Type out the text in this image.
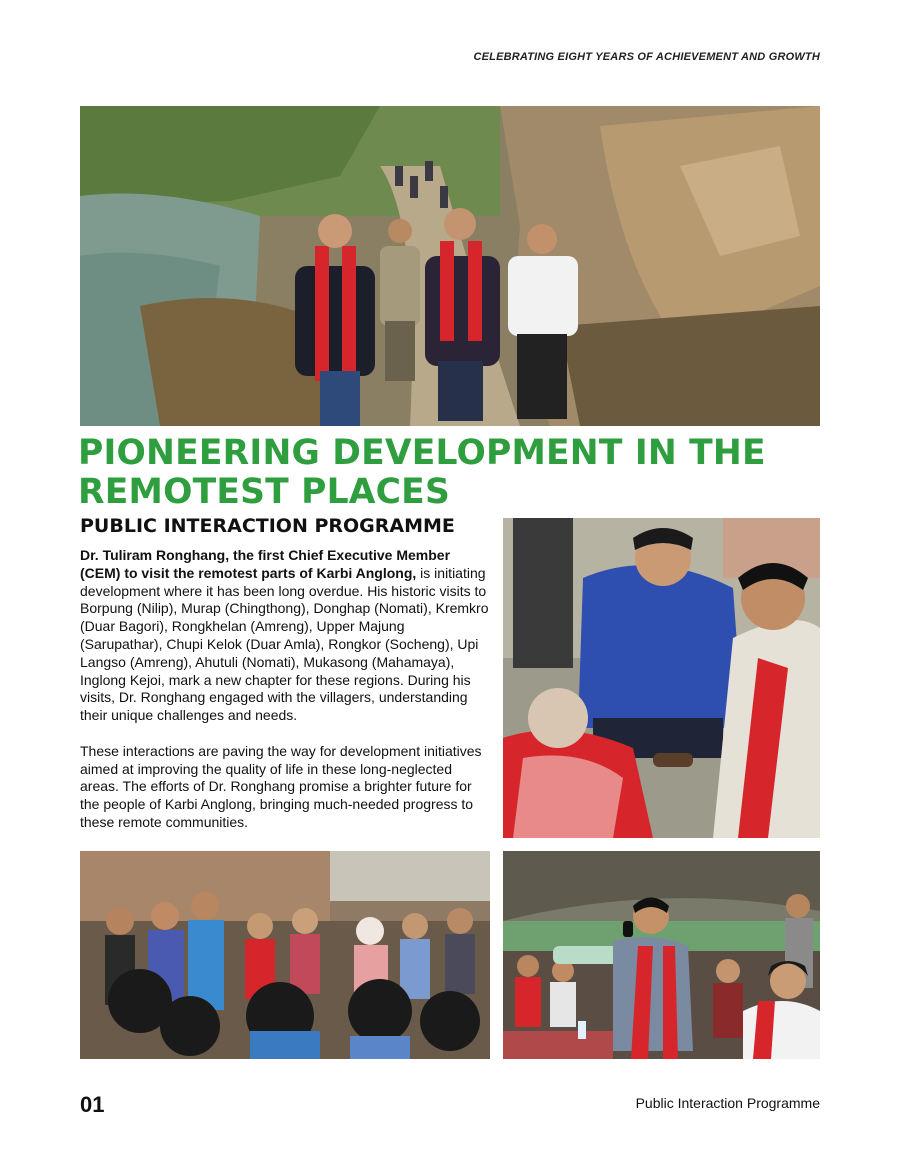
CELEBRATING EIGHT YEARS OF ACHIEVEMENT AND GROWTH
PIONEERING DEVELOPMENT IN THE
REMOTEST PLACES
PUBLIC INTERACTION PROGRAMME

Dr. Tuliram Ronghang, the first Chief Executive Member (CEM) to visit the remotest parts of Karbi Anglong, is initiating development where it has been long overdue. His historic visits to Borpung (Nilip), Murap (Chingthong), Donghap (Nomati), Kremkro (Duar Bagori), Rongkhelan (Amreng), Upper Majung (Sarupathar), Chupi Kelok (Duar Amla), Rongkor (Socheng), Upi Langso (Amreng), Ahutuli (Nomati), Mukasong (Mahamaya), Inglong Kejoi, mark a new chapter for these regions. During his visits, Dr. Ronghang engaged with the villagers, understanding their unique challenges and needs.

These interactions are paving the way for development initiatives aimed at improving the quality of life in these long-neglected areas. The efforts of Dr. Ronghang promise a brighter future for the people of Karbi Anglong, bringing much-needed progress to these remote communities.

01	Public Interaction Programme
